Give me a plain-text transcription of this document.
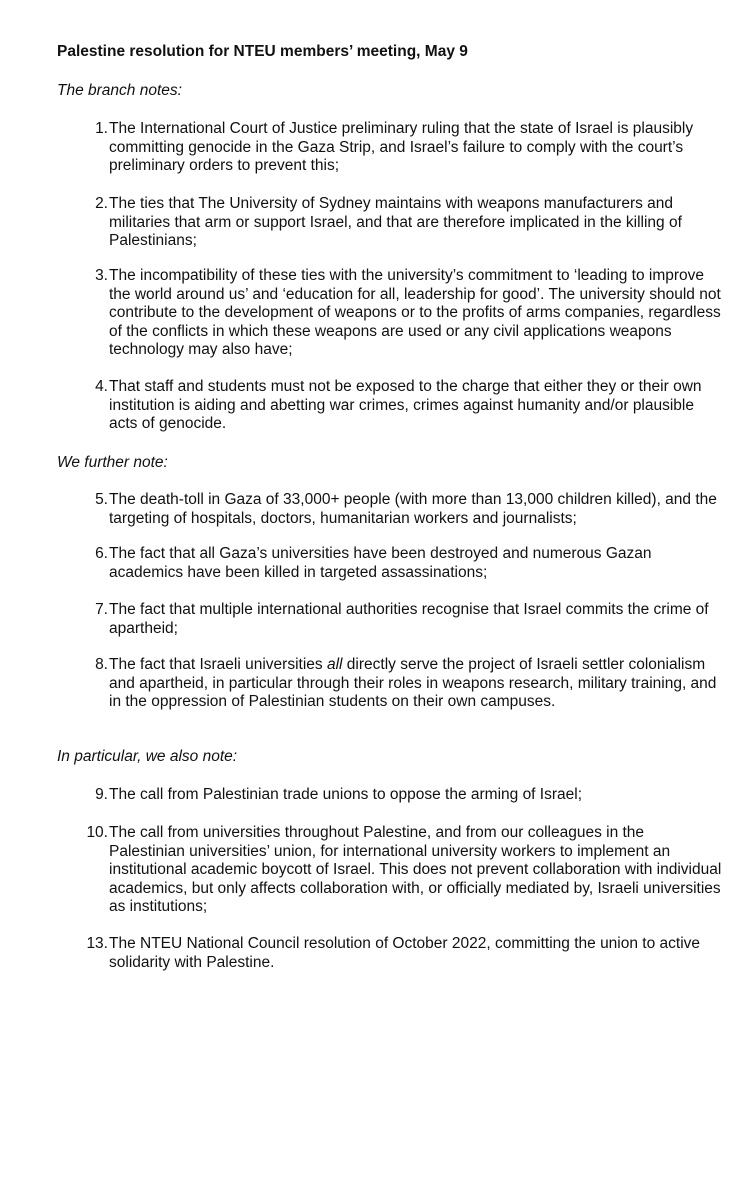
Palestine resolution for NTEU members’ meeting, May 9

The branch notes:

1. The International Court of Justice preliminary ruling that the state of Israel is plausibly committing genocide in the Gaza Strip, and Israel’s failure to comply with the court’s preliminary orders to prevent this;
2. The ties that The University of Sydney maintains with weapons manufacturers and militaries that arm or support Israel, and that are therefore implicated in the killing of Palestinians;
3. The incompatibility of these ties with the university’s commitment to ‘leading to improve the world around us’ and ‘education for all, leadership for good’. The university should not contribute to the development of weapons or to the profits of arms companies, regardless of the conflicts in which these weapons are used or any civil applications weapons technology may also have;
4. That staff and students must not be exposed to the charge that either they or their own institution is aiding and abetting war crimes, crimes against humanity and/or plausible acts of genocide.

We further note:

5. The death-toll in Gaza of 33,000+ people (with more than 13,000 children killed), and the targeting of hospitals, doctors, humanitarian workers and journalists;
6. The fact that all Gaza’s universities have been destroyed and numerous Gazan academics have been killed in targeted assassinations;
7. The fact that multiple international authorities recognise that Israel commits the crime of apartheid;
8. The fact that Israeli universities all directly serve the project of Israeli settler colonialism and apartheid, in particular through their roles in weapons research, military training, and in the oppression of Palestinian students on their own campuses.

In particular, we also note:

9. The call from Palestinian trade unions to oppose the arming of Israel;
10. The call from universities throughout Palestine, and from our colleagues in the Palestinian universities’ union, for international university workers to implement an institutional academic boycott of Israel. This does not prevent collaboration with individual academics, but only affects collaboration with, or officially mediated by, Israeli universities as institutions;
13. The NTEU National Council resolution of October 2022, committing the union to active solidarity with Palestine.
